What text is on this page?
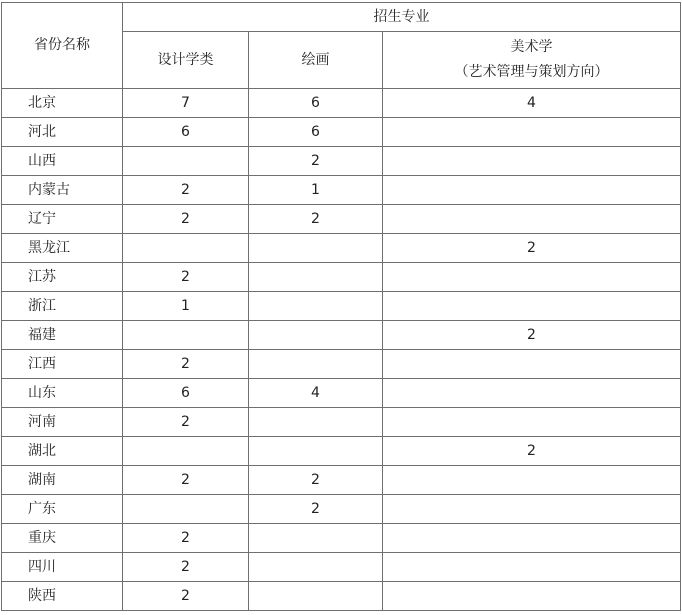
省份名称	招生专业		
	设计学类	绘画	美术学
（艺术管理与策划方向）

北京	7	6	4
河北	6	6	
山西		2	
内蒙古	2	1	
辽宁	2	2	
黑龙江			2
江苏	2		
浙江	1		
福建			2
江西	2		
山东	6	4	
河南	2		
湖北			2
湖南	2	2	
广东		2	
重庆	2		
四川	2		
陕西	2		
